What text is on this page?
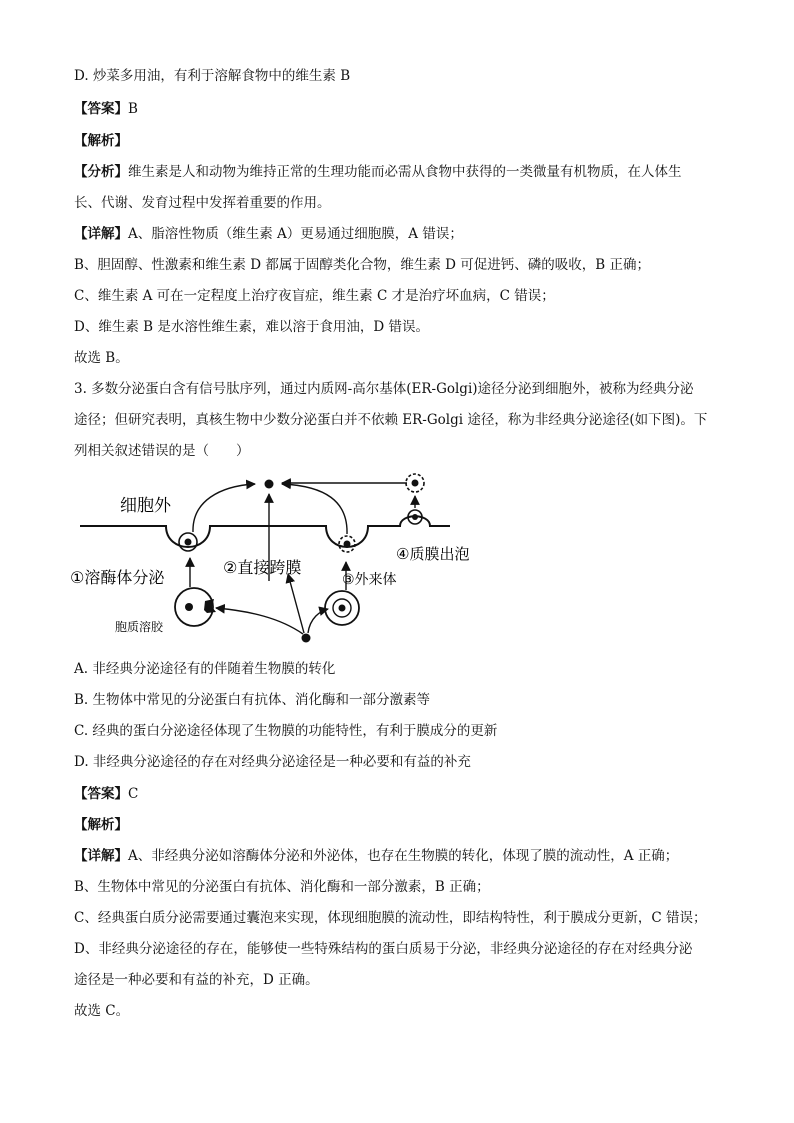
D. 炒菜多用油，有利于溶解食物中的维生素 B
【答案】B
【解析】
【分析】维生素是人和动物为维持正常的生理功能而必需从食物中获得的一类微量有机物质，在人体生
长、代谢、发育过程中发挥着重要的作用。
【详解】A、脂溶性物质（维生素 A）更易通过细胞膜，A 错误；
B、胆固醇、性激素和维生素 D 都属于固醇类化合物，维生素 D 可促进钙、磷的吸收，B 正确；
C、维生素 A 可在一定程度上治疗夜盲症，维生素 C 才是治疗坏血病，C 错误；
D、维生素 B 是水溶性维生素，难以溶于食用油，D 错误。
故选 B。
3. 多数分泌蛋白含有信号肽序列，通过内质网-高尔基体(ER-Golgi)途径分泌到细胞外，被称为经典分泌
途径；但研究表明，真核生物中少数分泌蛋白并不依赖 ER-Golgi 途径，称为非经典分泌途径(如下图)。下
列相关叙述错误的是（　　）
细胞外
①溶酶体分泌
②直接跨膜
③外来体
④质膜出泡
胞质溶胶
A. 非经典分泌途径有的伴随着生物膜的转化
B. 生物体中常见的分泌蛋白有抗体、消化酶和一部分激素等
C. 经典的蛋白分泌途径体现了生物膜的功能特性，有利于膜成分的更新
D. 非经典分泌途径的存在对经典分泌途径是一种必要和有益的补充
【答案】C
【解析】
【详解】A、非经典分泌如溶酶体分泌和外泌体，也存在生物膜的转化，体现了膜的流动性，A 正确；
B、生物体中常见的分泌蛋白有抗体、消化酶和一部分激素，B 正确；
C、经典蛋白质分泌需要通过囊泡来实现，体现细胞膜的流动性，即结构特性，利于膜成分更新，C 错误；
D、非经典分泌途径的存在，能够使一些特殊结构的蛋白质易于分泌，非经典分泌途径的存在对经典分泌
途径是一种必要和有益的补充，D 正确。
故选 C。
